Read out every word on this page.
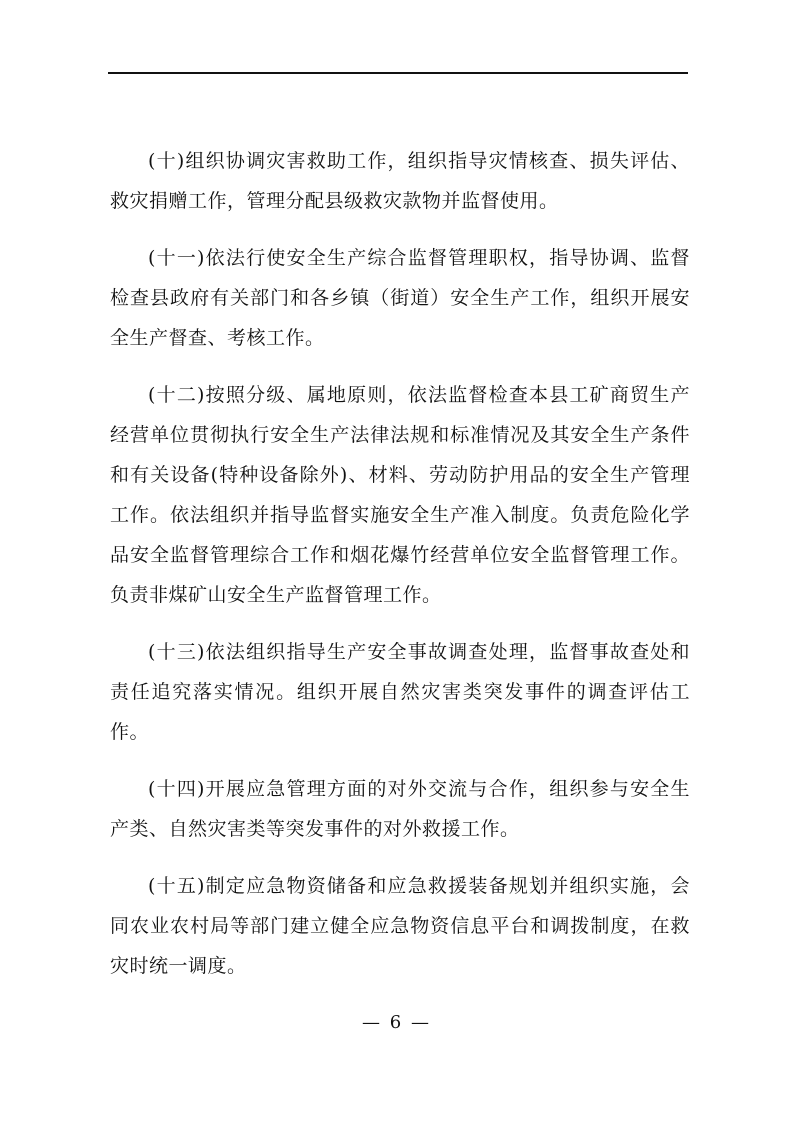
(十)组织协调灾害救助工作，组织指导灾情核查、损失评估、救灾捐赠工作，管理分配县级救灾款物并监督使用。

(十一)依法行使安全生产综合监督管理职权，指导协调、监督检查县政府有关部门和各乡镇（街道）安全生产工作，组织开展安全生产督查、考核工作。

(十二)按照分级、属地原则，依法监督检查本县工矿商贸生产经营单位贯彻执行安全生产法律法规和标准情况及其安全生产条件和有关设备(特种设备除外)、材料、劳动防护用品的安全生产管理工作。依法组织并指导监督实施安全生产准入制度。负责危险化学品安全监督管理综合工作和烟花爆竹经营单位安全监督管理工作。负责非煤矿山安全生产监督管理工作。

(十三)依法组织指导生产安全事故调查处理，监督事故查处和责任追究落实情况。组织开展自然灾害类突发事件的调查评估工作。

(十四)开展应急管理方面的对外交流与合作，组织参与安全生产类、自然灾害类等突发事件的对外救援工作。

(十五)制定应急物资储备和应急救援装备规划并组织实施，会同农业农村局等部门建立健全应急物资信息平台和调拨制度，在救灾时统一调度。

— 6 —
